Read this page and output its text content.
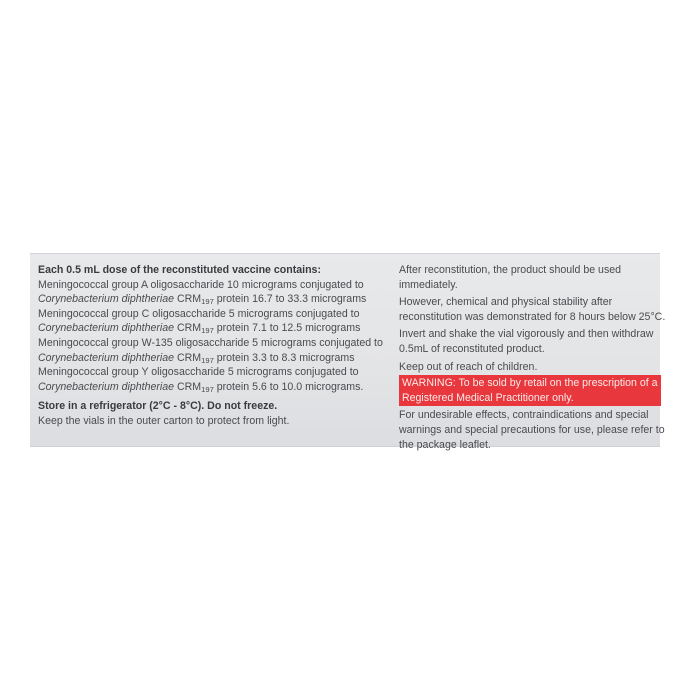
Each 0.5 mL dose of the reconstituted vaccine contains:
Meningococcal group A oligosaccharide 10 micrograms conjugated to
Corynebacterium diphtheriae $CRM_{197}$ protein 16.7 to 33.3 micrograms
Meningococcal group C oligosaccharide 5 micrograms conjugated to
Corynebacterium diphtheriae $CRM_{197}$ protein 7.1 to 12.5 micrograms
Meningococcal group W-135 oligosaccharide 5 micrograms conjugated to
Corynebacterium diphtheriae $CRM_{197}$ protein 3.3 to 8.3 micrograms
Meningococcal group Y oligosaccharide 5 micrograms conjugated to
Corynebacterium diphtheriae $CRM_{197}$ protein 5.6 to 10.0 micrograms.
Store in a refrigerator (2°C - 8°C). Do not freeze.
Keep the vials in the outer carton to protect from light.
After reconstitution, the product should be used
immediately.
However, chemical and physical stability after
reconstitution was demonstrated for 8 hours below 25°C.
Invert and shake the vial vigorously and then withdraw
0.5mL of reconstituted product.
Keep out of reach of children.
WARNING: To be sold by retail on the prescription of a
Registered Medical Practitioner only.
For undesirable effects, contraindications and special
warnings and special precautions for use, please refer to
the package leaflet.
